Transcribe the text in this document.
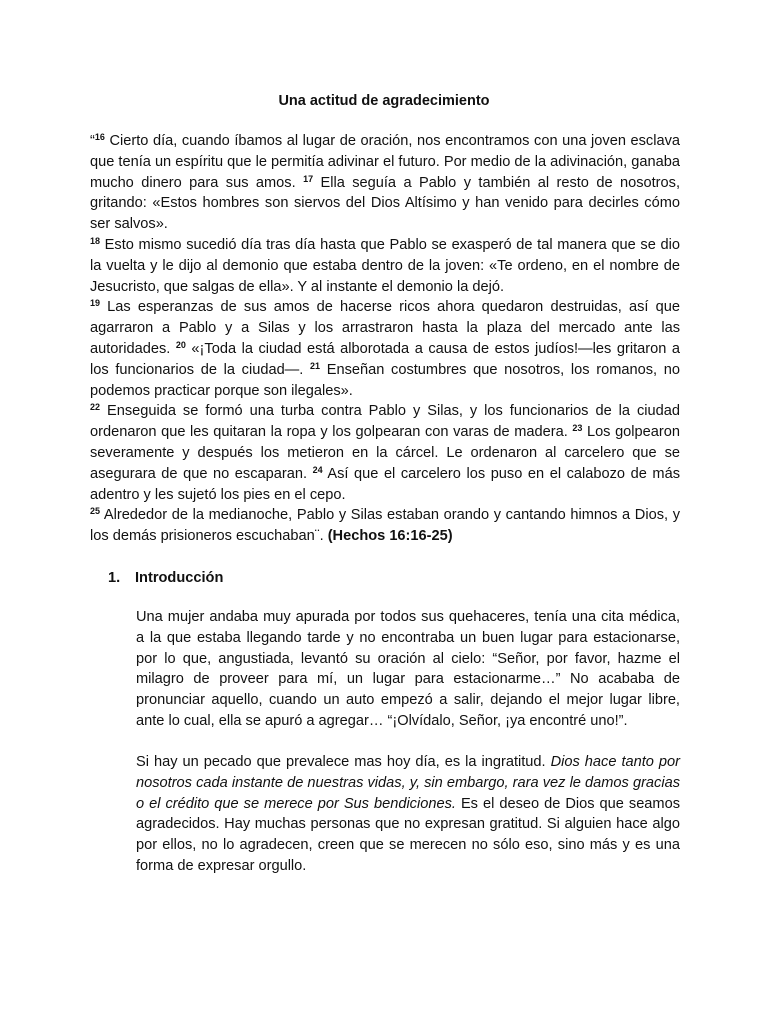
Una actitud de agradecimiento

“$^{16}$ Cierto día, cuando íbamos al lugar de oración, nos encontramos con una joven esclava que tenía un espíritu que le permitía adivinar el futuro. Por medio de la adivinación, ganaba mucho dinero para sus amos. $^{17}$ Ella seguía a Pablo y también al resto de nosotros, gritando: «Estos hombres son siervos del Dios Altísimo y han venido para decirles cómo ser salvos».

$^{18}$ Esto mismo sucedió día tras día hasta que Pablo se exasperó de tal manera que se dio la vuelta y le dijo al demonio que estaba dentro de la joven: «Te ordeno, en el nombre de Jesucristo, que salgas de ella». Y al instante el demonio la dejó.

$^{19}$ Las esperanzas de sus amos de hacerse ricos ahora quedaron destruidas, así que agarraron a Pablo y a Silas y los arrastraron hasta la plaza del mercado ante las autoridades. $^{20}$ «¡Toda la ciudad está alborotada a causa de estos judíos!—les gritaron a los funcionarios de la ciudad—. $^{21}$ Enseñan costumbres que nosotros, los romanos, no podemos practicar porque son ilegales».

$^{22}$ Enseguida se formó una turba contra Pablo y Silas, y los funcionarios de la ciudad ordenaron que les quitaran la ropa y los golpearan con varas de madera. $^{23}$ Los golpearon severamente y después los metieron en la cárcel. Le ordenaron al carcelero que se asegurara de que no escaparan. $^{24}$ Así que el carcelero los puso en el calabozo de más adentro y les sujetó los pies en el cepo.

$^{25}$ Alrededor de la medianoche, Pablo y Silas estaban orando y cantando himnos a Dios, y los demás prisioneros escuchaban¨. (Hechos 16:16-25)

1. Introducción

Una mujer andaba muy apurada por todos sus quehaceres, tenía una cita médica, a la que estaba llegando tarde y no encontraba un buen lugar para estacionarse, por lo que, angustiada, levantó su oración al cielo: “Señor, por favor, hazme el milagro de proveer para mí, un lugar para estacionarme…” No acababa de pronunciar aquello, cuando un auto empezó a salir, dejando el mejor lugar libre, ante lo cual, ella se apuró a agregar… “¡Olvídalo, Señor, ¡ya encontré uno!”.

Si hay un pecado que prevalece mas hoy día, es la ingratitud. Dios hace tanto por nosotros cada instante de nuestras vidas, y, sin embargo, rara vez le damos gracias o el crédito que se merece por Sus bendiciones. Es el deseo de Dios que seamos agradecidos. Hay muchas personas que no expresan gratitud. Si alguien hace algo por ellos, no lo agradecen, creen que se merecen no sólo eso, sino más y es una forma de expresar orgullo.
